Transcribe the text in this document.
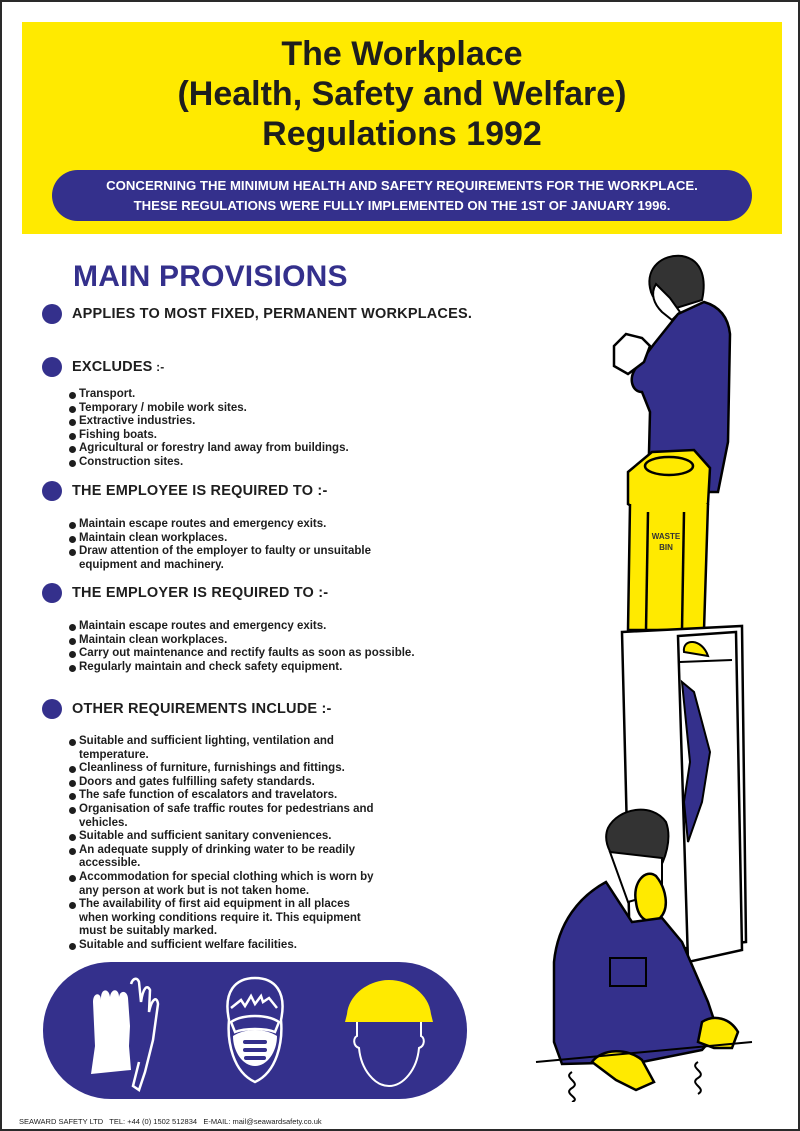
The Workplace
(Health, Safety and Welfare)
Regulations 1992
CONCERNING THE MINIMUM HEALTH AND SAFETY REQUIREMENTS FOR THE WORKPLACE.
THESE REGULATIONS WERE FULLY IMPLEMENTED ON THE 1ST OF JANUARY 1996.
MAIN PROVISIONS
APPLIES TO MOST FIXED, PERMANENT WORKPLACES.
EXCLUDES :-
Transport.
Temporary / mobile work sites.
Extractive industries.
Fishing boats.
Agricultural or forestry land away from buildings.
Construction sites.
THE EMPLOYEE IS REQUIRED TO :-
Maintain escape routes and emergency exits.
Maintain clean workplaces.
Draw attention of the employer to faulty or unsuitable equipment and machinery.
THE EMPLOYER IS REQUIRED TO :-
Maintain escape routes and emergency exits.
Maintain clean workplaces.
Carry out maintenance and rectify faults as soon as possible.
Regularly maintain and check safety equipment.
OTHER REQUIREMENTS INCLUDE :-
Suitable and sufficient lighting, ventilation and temperature.
Cleanliness of furniture, furnishings and fittings.
Doors and gates fulfilling safety standards.
The safe function of escalators and travelators.
Organisation of safe traffic routes for pedestrians and vehicles.
Suitable and sufficient sanitary conveniences.
An adequate supply of drinking water to be readily accessible.
Accommodation for special clothing which is worn by any person at work but is not taken home.
The availability of first aid equipment in all places when working conditions require it. This equipment must be suitably marked.
Suitable and sufficient welfare facilities.
WASTE
BIN
SEAWARD SAFETY LTD   TEL: +44 (0) 1502 512834   E-MAIL: mail@seawardsafety.co.uk
